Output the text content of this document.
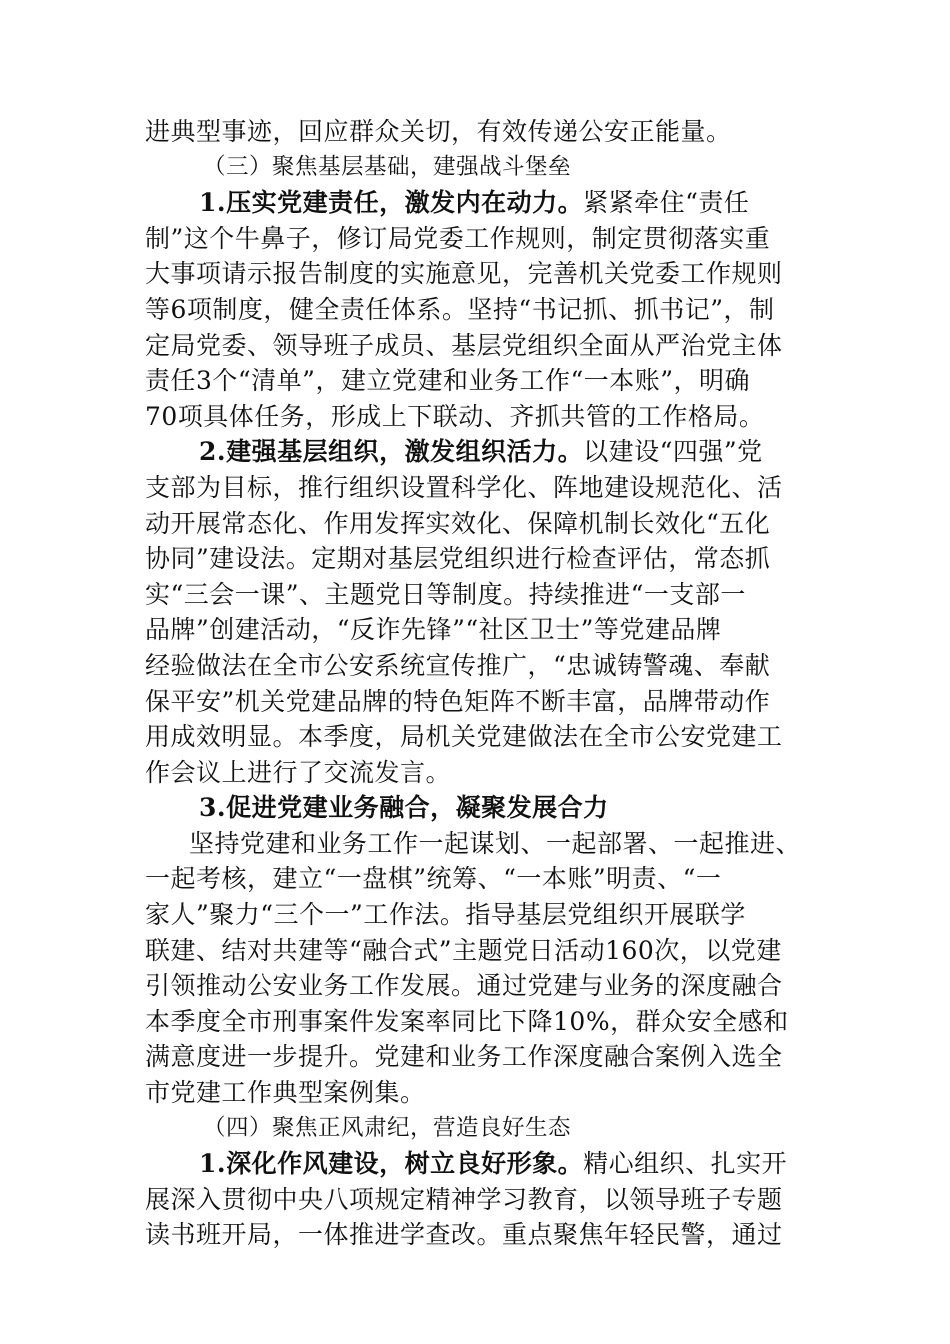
进典型事迹，回应群众关切，有效传递公安正能量。
（三）聚焦基层基础，建强战斗堡垒
1.压实党建责任，激发内在动力。紧紧牵住“责任
制”这个牛鼻子，修订局党委工作规则，制定贯彻落实重
大事项请示报告制度的实施意见，完善机关党委工作规则
等6项制度，健全责任体系。坚持“书记抓、抓书记”，制
定局党委、领导班子成员、基层党组织全面从严治党主体
责任3个“清单”，建立党建和业务工作“一本账”，明确
70项具体任务，形成上下联动、齐抓共管的工作格局。
2.建强基层组织，激发组织活力。以建设“四强”党
支部为目标，推行组织设置科学化、阵地建设规范化、活
动开展常态化、作用发挥实效化、保障机制长效化“五化
协同”建设法。定期对基层党组织进行检查评估，常态抓
实“三会一课”、主题党日等制度。持续推进“一支部一
品牌”创建活动，“反诈先锋”“社区卫士”等党建品牌
经验做法在全市公安系统宣传推广，“忠诚铸警魂、奉献
保平安”机关党建品牌的特色矩阵不断丰富，品牌带动作
用成效明显。本季度，局机关党建做法在全市公安党建工
作会议上进行了交流发言。
3.促进党建业务融合，凝聚发展合力
坚持党建和业务工作一起谋划、一起部署、一起推进、
一起考核，建立“一盘棋”统筹、“一本账”明责、“一
家人”聚力“三个一”工作法。指导基层党组织开展联学
联建、结对共建等“融合式”主题党日活动160次，以党建
引领推动公安业务工作发展。通过党建与业务的深度融合
本季度全市刑事案件发案率同比下降10%，群众安全感和
满意度进一步提升。党建和业务工作深度融合案例入选全
市党建工作典型案例集。
（四）聚焦正风肃纪，营造良好生态
1.深化作风建设，树立良好形象。精心组织、扎实开
展深入贯彻中央八项规定精神学习教育，以领导班子专题
读书班开局，一体推进学查改。重点聚焦年轻民警，通过
